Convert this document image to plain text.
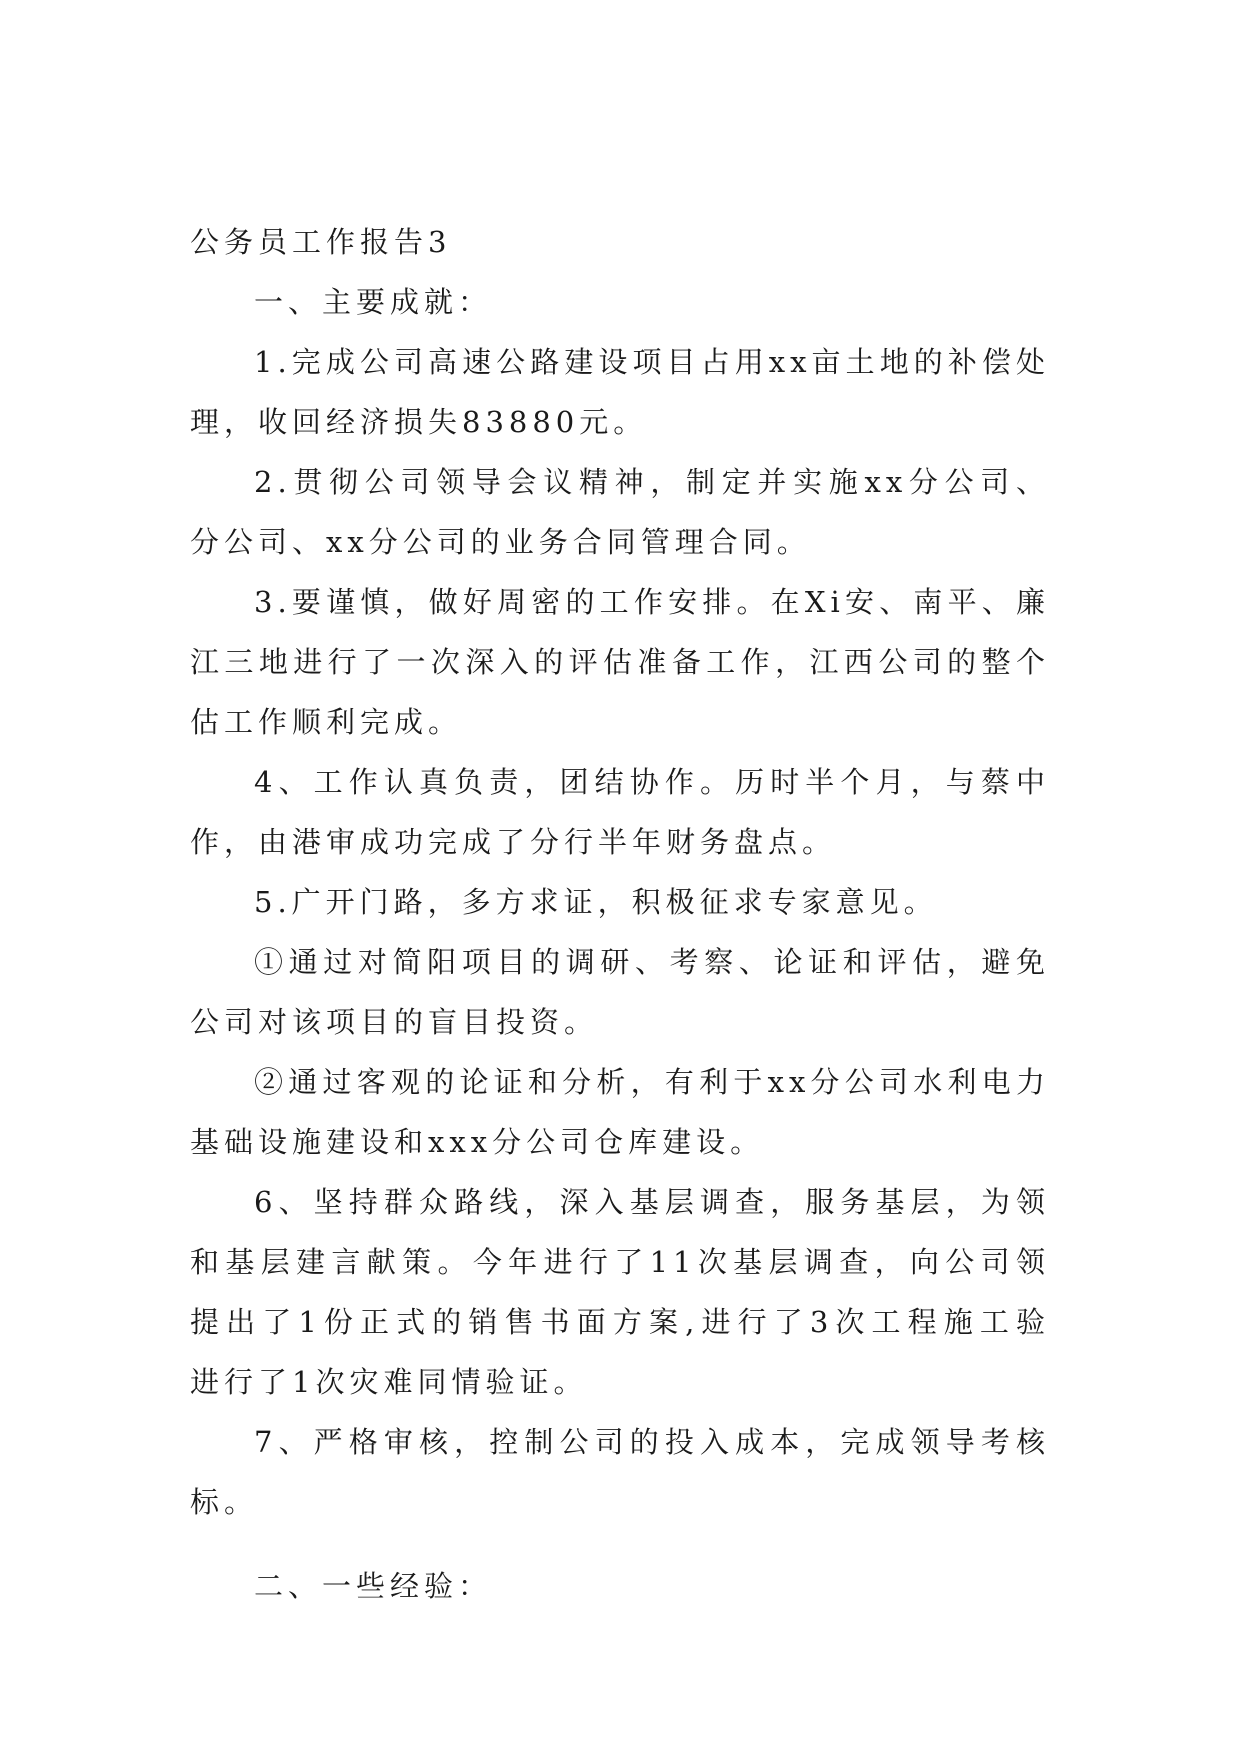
公务员工作报告3
一、主要成就：
1.完成公司高速公路建设项目占用xx亩土地的补偿处
理，收回经济损失83880元。
2.贯彻公司领导会议精神，制定并实施xx分公司、
分公司、xx分公司的业务合同管理合同。
3.要谨慎，做好周密的工作安排。在Xi安、南平、廉
江三地进行了一次深入的评估准备工作，江西公司的整个
估工作顺利完成。
4、工作认真负责，团结协作。历时半个月，与蔡中
作，由港审成功完成了分行半年财务盘点。
5.广开门路，多方求证，积极征求专家意见。
①通过对简阳项目的调研、考察、论证和评估，避免
公司对该项目的盲目投资。
②通过客观的论证和分析，有利于xx分公司水利电力
基础设施建设和xxx分公司仓库建设。
6、坚持群众路线，深入基层调查，服务基层，为领
和基层建言献策。今年进行了11次基层调查，向公司领
提出了1份正式的销售书面方案,进行了3次工程施工验
进行了1次灾难同情验证。
7、严格审核，控制公司的投入成本，完成领导考核
标。
二、一些经验：
